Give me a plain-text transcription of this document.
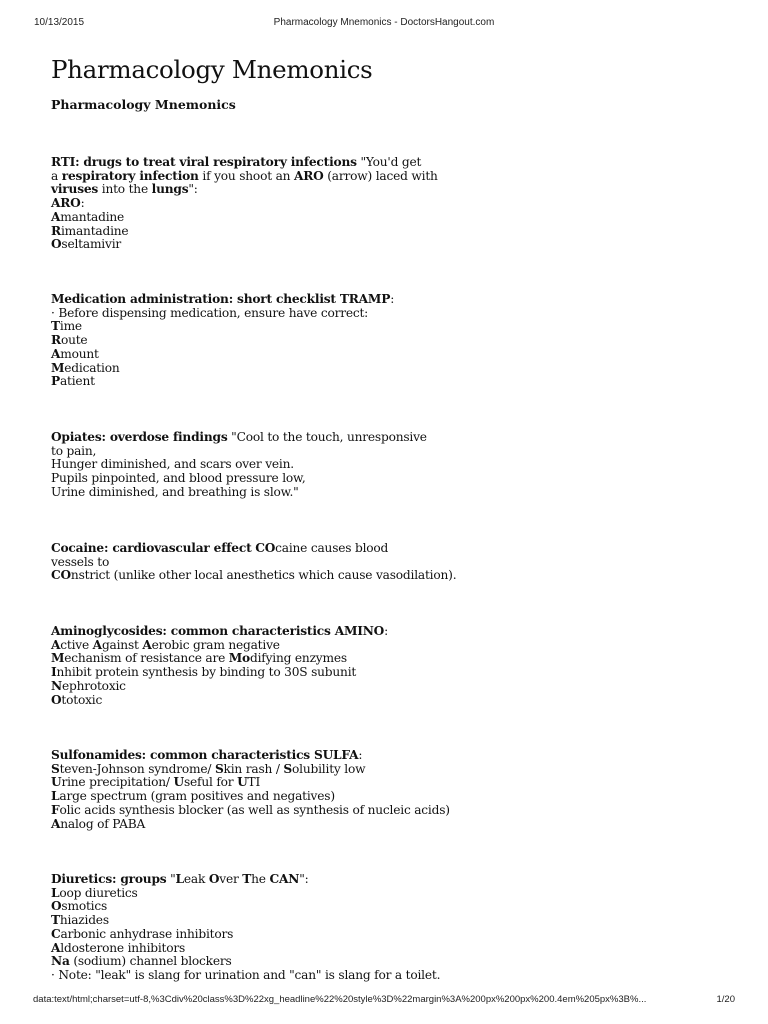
10/13/2015	Pharmacology Mnemonics - DoctorsHangout.com
Pharmacology Mnemonics
Pharmacology Mnemonics
RTI: drugs to treat viral respiratory infections "You'd get
a respiratory infection if you shoot an ARO (arrow) laced with
viruses into the lungs":
ARO:
Amantadine
Rimantadine
Oseltamivir
Medication administration: short checklist TRAMP:
· Before dispensing medication, ensure have correct:
Time
Route
Amount
Medication
Patient
Opiates: overdose findings "Cool to the touch, unresponsive
to pain,
Hunger diminished, and scars over vein.
Pupils pinpointed, and blood pressure low,
Urine diminished, and breathing is slow."
Cocaine: cardiovascular effect COcaine causes blood
vessels to
COnstrict (unlike other local anesthetics which cause vasodilation).
Aminoglycosides: common characteristics AMINO:
Active Against Aerobic gram negative
Mechanism of resistance are Modifying enzymes
Inhibit protein synthesis by binding to 30S subunit
Nephrotoxic
Ototoxic
Sulfonamides: common characteristics SULFA:
Steven-Johnson syndrome/ Skin rash / Solubility low
Urine precipitation/ Useful for UTI
Large spectrum (gram positives and negatives)
Folic acids synthesis blocker (as well as synthesis of nucleic acids)
Analog of PABA
Diuretics: groups "Leak Over The CAN":
Loop diuretics
Osmotics
Thiazides
Carbonic anhydrase inhibitors
Aldosterone inhibitors
Na (sodium) channel blockers
· Note: "leak" is slang for urination and "can" is slang for a toilet.
data:text/html;charset=utf-8,%3Cdiv%20class%3D%22xg_headline%22%20style%3D%22margin%3A%200px%200px%200.4em%205px%3B%...	1/20
